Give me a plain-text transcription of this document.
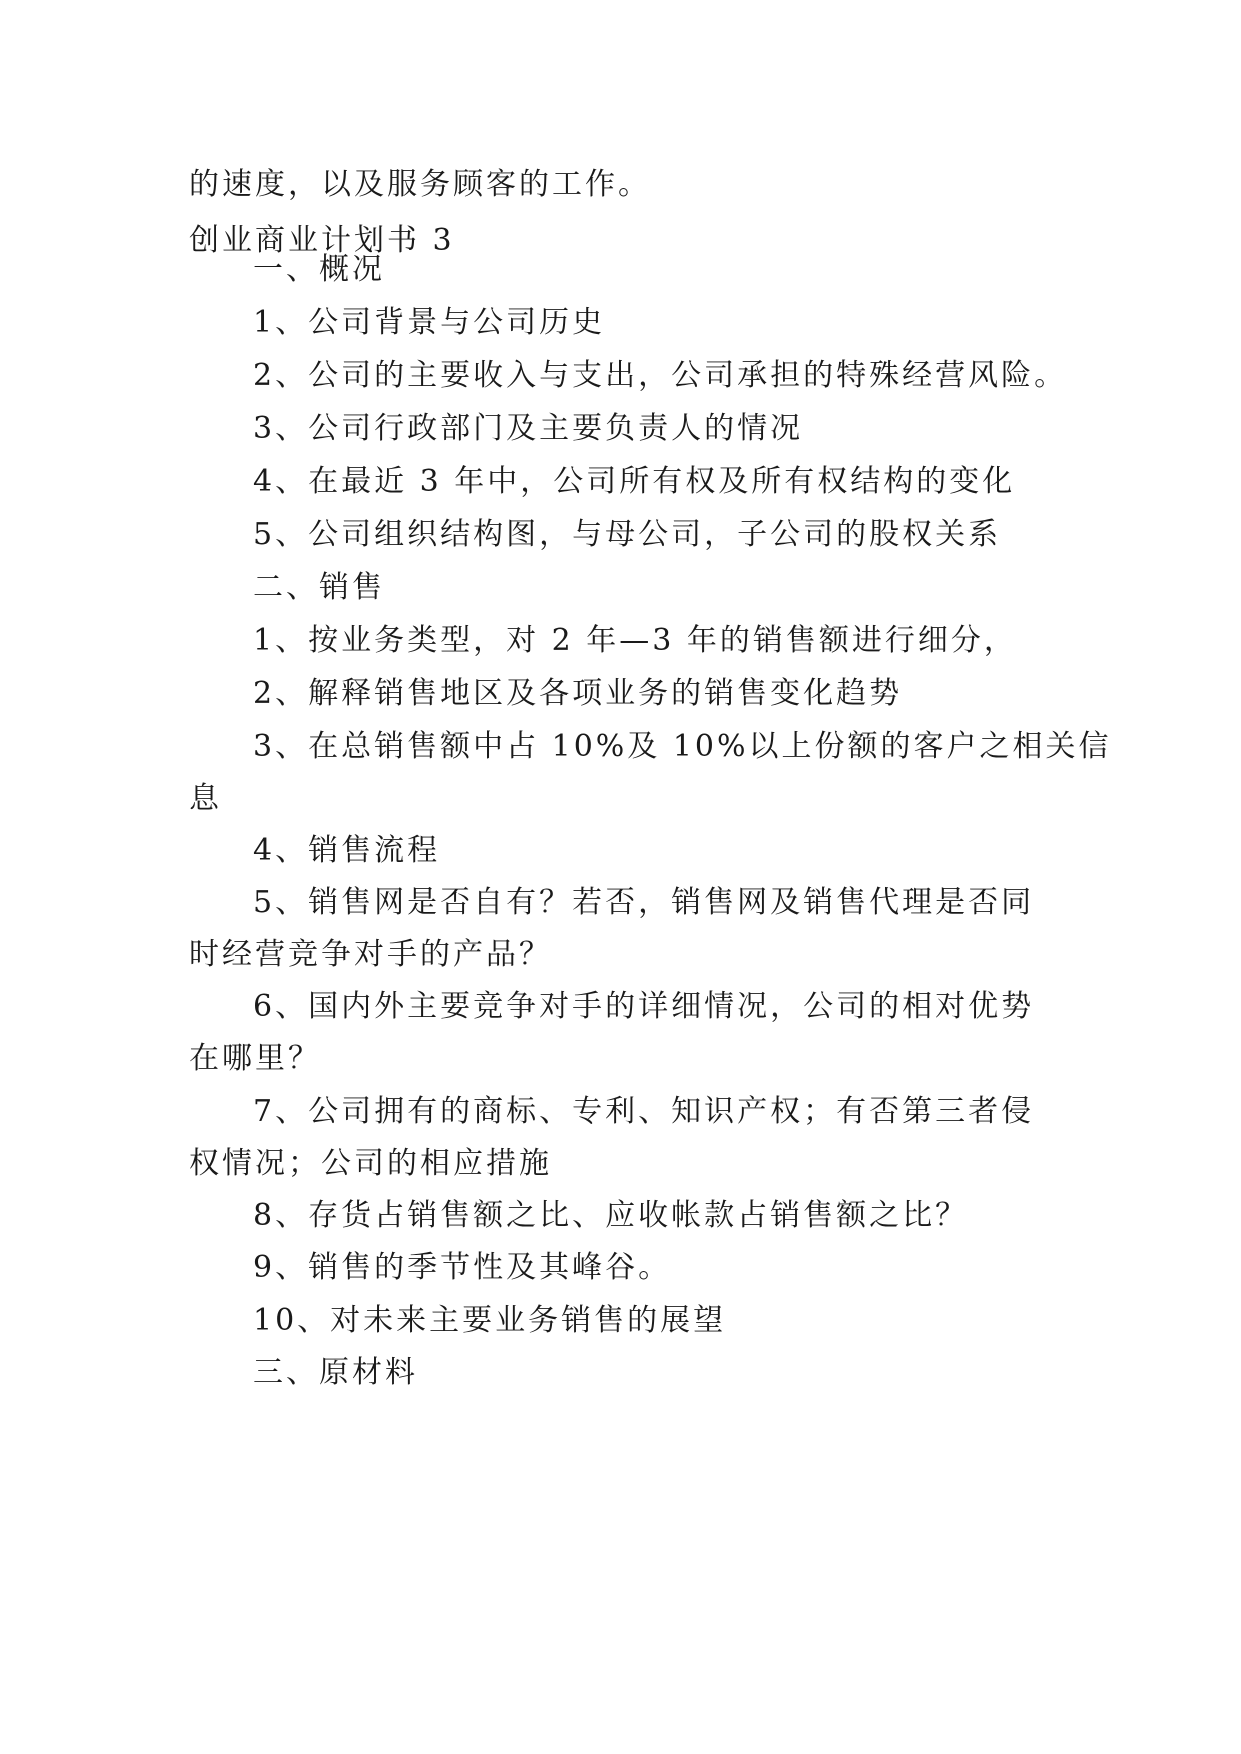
的速度，以及服务顾客的工作。
创业商业计划书 3
一、概况
1、公司背景与公司历史
2、公司的主要收入与支出，公司承担的特殊经营风险。
3、公司行政部门及主要负责人的情况
4、在最近 3 年中，公司所有权及所有权结构的变化
5、公司组织结构图，与母公司，子公司的股权关系
二、销售
1、按业务类型，对 2 年—3 年的销售额进行细分，
2、解释销售地区及各项业务的销售变化趋势
3、在总销售额中占 10%及 10%以上份额的客户之相关信
息
4、销售流程
5、销售网是否自有？若否，销售网及销售代理是否同
时经营竞争对手的产品？
6、国内外主要竞争对手的详细情况，公司的相对优势
在哪里？
7、公司拥有的商标、专利、知识产权；有否第三者侵
权情况；公司的相应措施
8、存货占销售额之比、应收帐款占销售额之比？
9、销售的季节性及其峰谷。
10、对未来主要业务销售的展望
三、原材料
